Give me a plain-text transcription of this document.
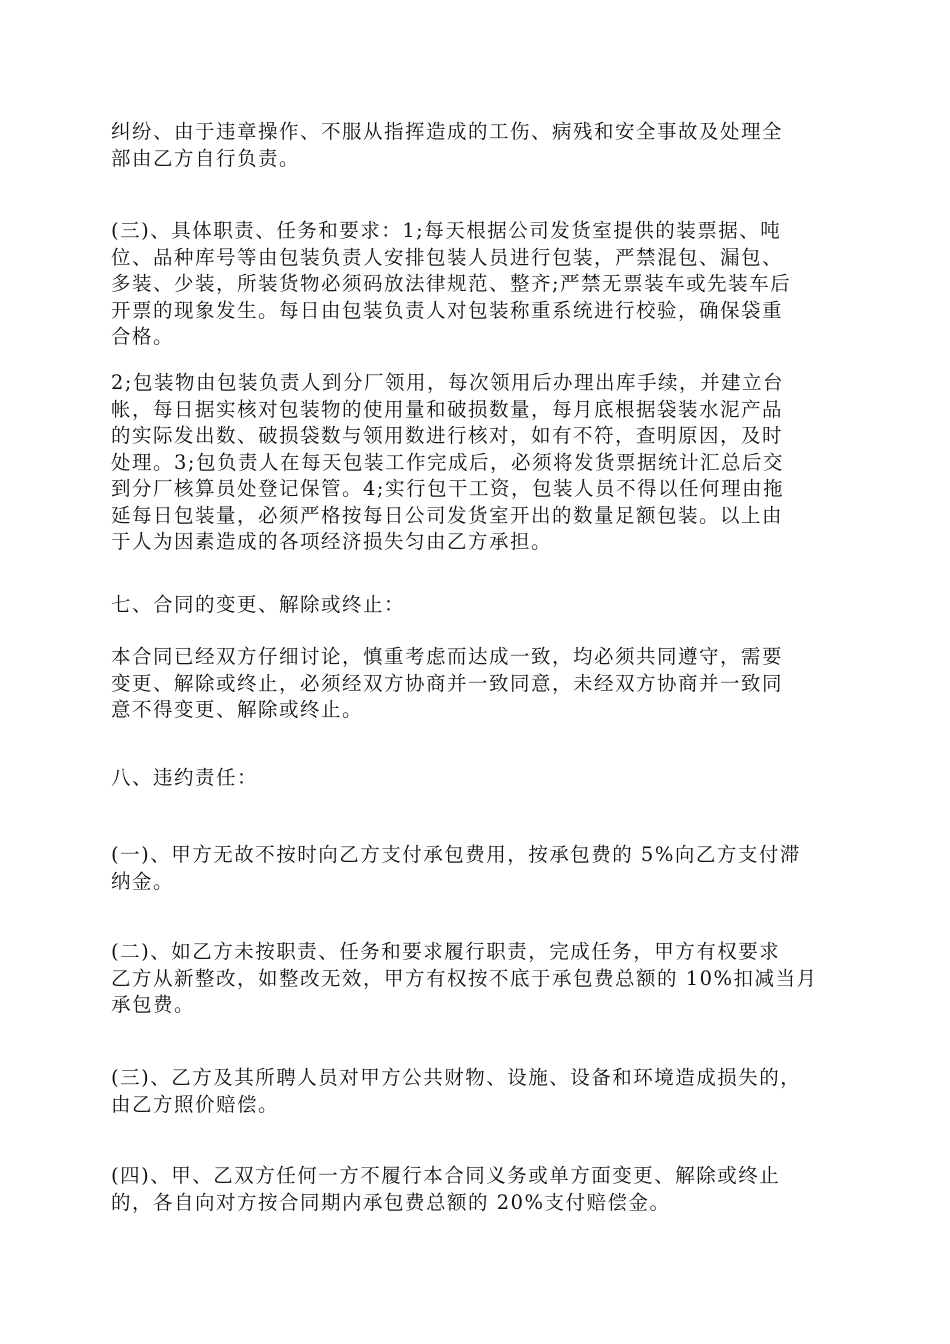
纠纷、由于违章操作、不服从指挥造成的工伤、病残和安全事故及处理全
部由乙方自行负责。

(三)、具体职责、任务和要求：1;每天根据公司发货室提供的装票据、吨
位、品种库号等由包装负责人安排包装人员进行包装，严禁混包、漏包、
多装、少装，所装货物必须码放法律规范、整齐;严禁无票装车或先装车后
开票的现象发生。每日由包装负责人对包装称重系统进行校验，确保袋重
合格。

2;包装物由包装负责人到分厂领用，每次领用后办理出库手续，并建立台
帐，每日据实核对包装物的使用量和破损数量，每月底根据袋装水泥产品
的实际发出数、破损袋数与领用数进行核对，如有不符，查明原因，及时
处理。3;包负责人在每天包装工作完成后，必须将发货票据统计汇总后交
到分厂核算员处登记保管。4;实行包干工资，包装人员不得以任何理由拖
延每日包装量，必须严格按每日公司发货室开出的数量足额包装。以上由
于人为因素造成的各项经济损失匀由乙方承担。

七、合同的变更、解除或终止：

本合同已经双方仔细讨论，慎重考虑而达成一致，均必须共同遵守，需要
变更、解除或终止，必须经双方协商并一致同意，未经双方协商并一致同
意不得变更、解除或终止。

八、违约责任：

(一)、甲方无故不按时向乙方支付承包费用，按承包费的 5%向乙方支付滞
纳金。

(二)、如乙方未按职责、任务和要求履行职责，完成任务，甲方有权要求
乙方从新整改，如整改无效，甲方有权按不底于承包费总额的 10%扣减当月
承包费。

(三)、乙方及其所聘人员对甲方公共财物、设施、设备和环境造成损失的，
由乙方照价赔偿。

(四)、甲、乙双方任何一方不履行本合同义务或单方面变更、解除或终止
的，各自向对方按合同期内承包费总额的 20%支付赔偿金。
